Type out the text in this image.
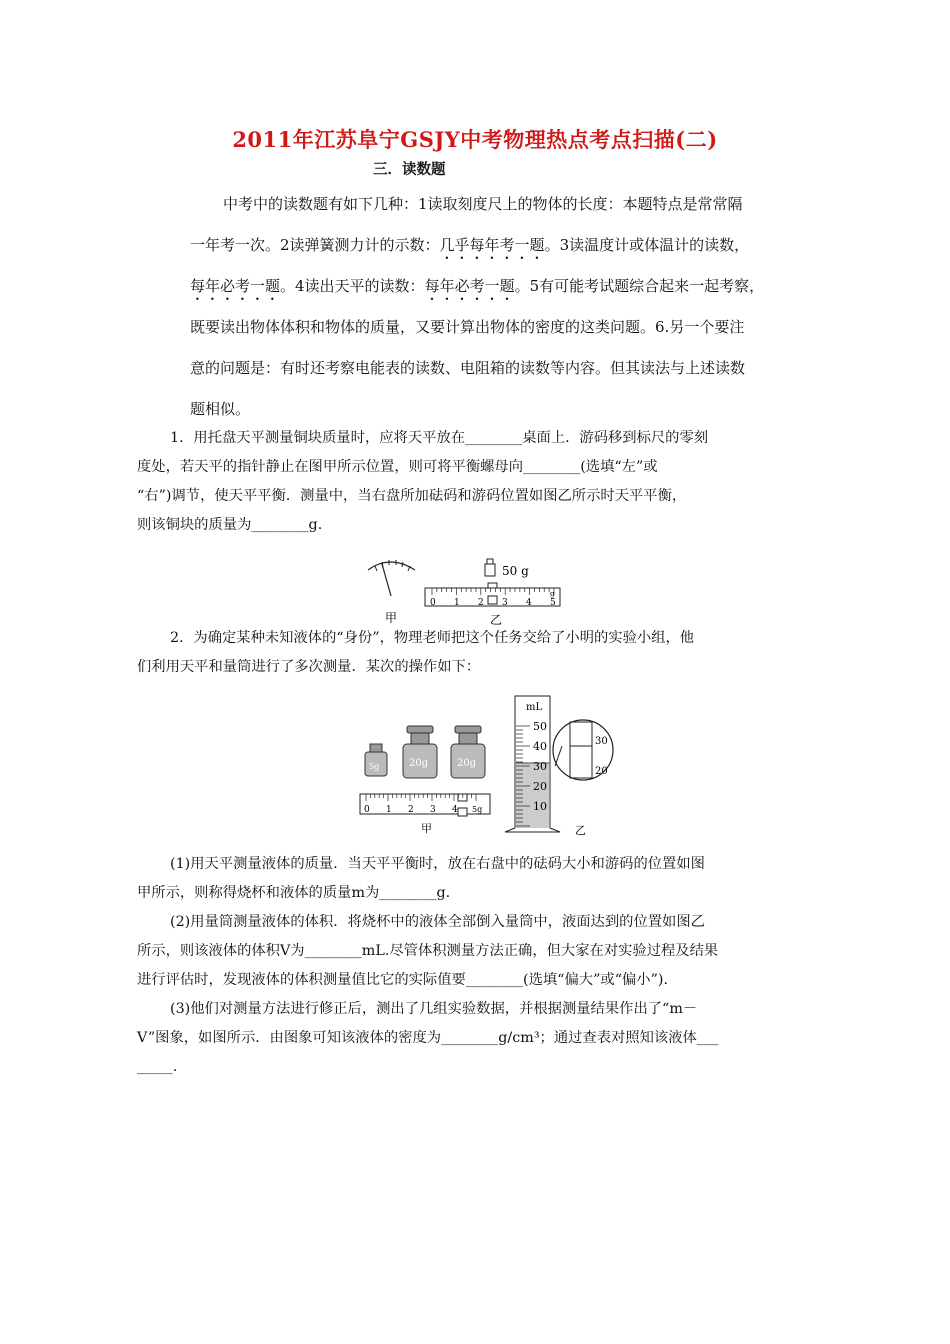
2011年江苏阜宁GSJY中考物理热点考点扫描(二)
三．读数题

中考中的读数题有如下几种：1读取刻度尺上的物体的长度：本题特点是常常隔

一年考一次。2读弹簧测力计的示数：几乎每年考一题。3读温度计或体温计的读数，

每年必考一题。4读出天平的读数：每年必考一题。5有可能考试题综合起来一起考察，

既要读出物体体积和物体的质量，又要计算出物体的密度的这类问题。6.另一个要注

意的问题是：有时还考察电能表的读数、电阻箱的读数等内容。但其读法与上述读数

题相似。

1．用托盘天平测量铜块质量时，应将天平放在________桌面上．游码移到标尺的零刻

度处，若天平的指针静止在图甲所示位置，则可将平衡螺母向________(选填“左”或

“右”)调节，使天平平衡．测量中，当右盘所加砝码和游码位置如图乙所示时天平平衡，

则该铜块的质量为________g.

甲
50 g
0 1 2 3 4 5
g
乙

2．为确定某种未知液体的“身份”，物理老师把这个任务交给了小明的实验小组，他

们利用天平和量筒进行了多次测量．某次的操作如下：

5g	20g	20g
0 1 2 3 4 5g
甲
mL
50
40
30
20
10
30
20
乙

(1)用天平测量液体的质量．当天平平衡时，放在右盘中的砝码大小和游码的位置如图

甲所示，则称得烧杯和液体的质量m为________g.

(2)用量筒测量液体的体积．将烧杯中的液体全部倒入量筒中，液面达到的位置如图乙

所示，则该液体的体积V为________mL.尽管体积测量方法正确，但大家在对实验过程及结果

进行评估时，发现液体的体积测量值比它的实际值要________(选填“偏大”或“偏小”)．

(3)他们对测量方法进行修正后，测出了几组实验数据，并根据测量结果作出了“m－

V”图象，如图所示．由图象可知该液体的密度为________g/cm³；通过查表对照知该液体___

_____.
